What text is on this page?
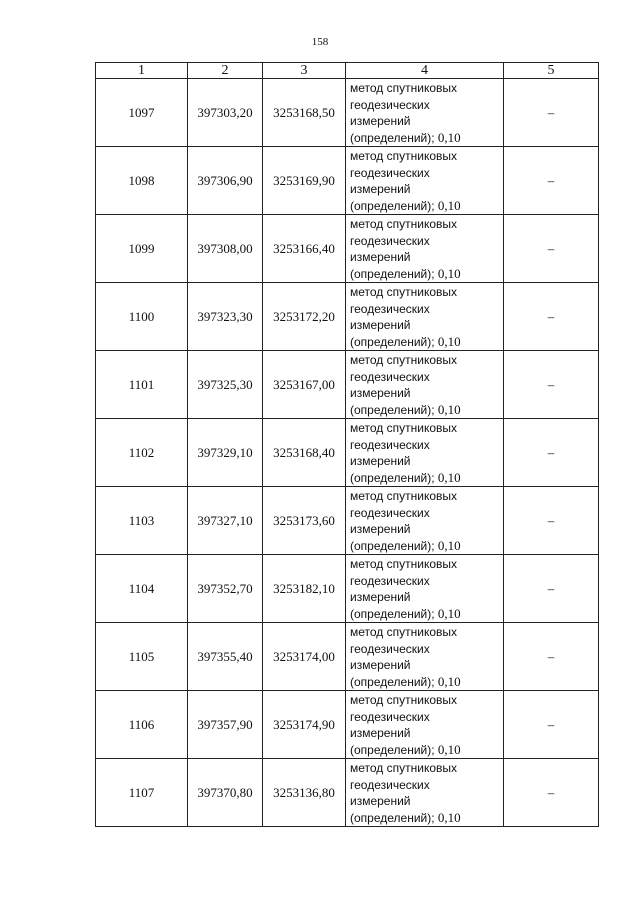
158
1	2	3	4	5
1097	397303,20	3253168,50	метод спутниковых
геодезических
измерений
(определений); 0,10	–
1098	397306,90	3253169,90	метод спутниковых
геодезических
измерений
(определений); 0,10	–
1099	397308,00	3253166,40	метод спутниковых
геодезических
измерений
(определений); 0,10	–
1100	397323,30	3253172,20	метод спутниковых
геодезических
измерений
(определений); 0,10	–
1101	397325,30	3253167,00	метод спутниковых
геодезических
измерений
(определений); 0,10	–
1102	397329,10	3253168,40	метод спутниковых
геодезических
измерений
(определений); 0,10	–
1103	397327,10	3253173,60	метод спутниковых
геодезических
измерений
(определений); 0,10	–
1104	397352,70	3253182,10	метод спутниковых
геодезических
измерений
(определений); 0,10	–
1105	397355,40	3253174,00	метод спутниковых
геодезических
измерений
(определений); 0,10	–
1106	397357,90	3253174,90	метод спутниковых
геодезических
измерений
(определений); 0,10	–
1107	397370,80	3253136,80	метод спутниковых
геодезических
измерений
(определений); 0,10	–
